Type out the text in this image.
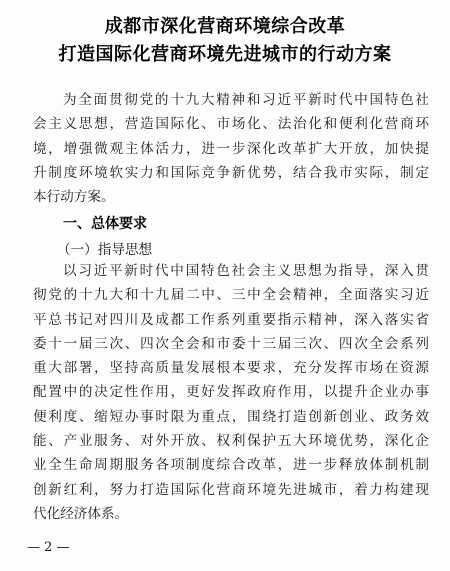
成都市深化营商环境综合改革
打造国际化营商环境先进城市的行动方案
为全面贯彻党的十九大精神和习近平新时代中国特色社
会主义思想，营造国际化、市场化、法治化和便利化营商环
境，增强微观主体活力，进一步深化改革扩大开放，加快提
升制度环境软实力和国际竞争新优势，结合我市实际，制定
本行动方案。
一、总体要求
（一）指导思想
以习近平新时代中国特色社会主义思想为指导，深入贯
彻党的十九大和十九届二中、三中全会精神，全面落实习近
平总书记对四川及成都工作系列重要指示精神，深入落实省
委十一届三次、四次全会和市委十三届三次、四次全会系列
重大部署，坚持高质量发展根本要求，充分发挥市场在资源
配置中的决定性作用，更好发挥政府作用，以提升企业办事
便利度、缩短办事时限为重点，围绕打造创新创业、政务效
能、产业服务、对外开放、权利保护五大环境优势，深化企
业全生命周期服务各项制度综合改革，进一步释放体制机制
创新红利，努力打造国际化营商环境先进城市，着力构建现
代化经济体系。
— 2 —
